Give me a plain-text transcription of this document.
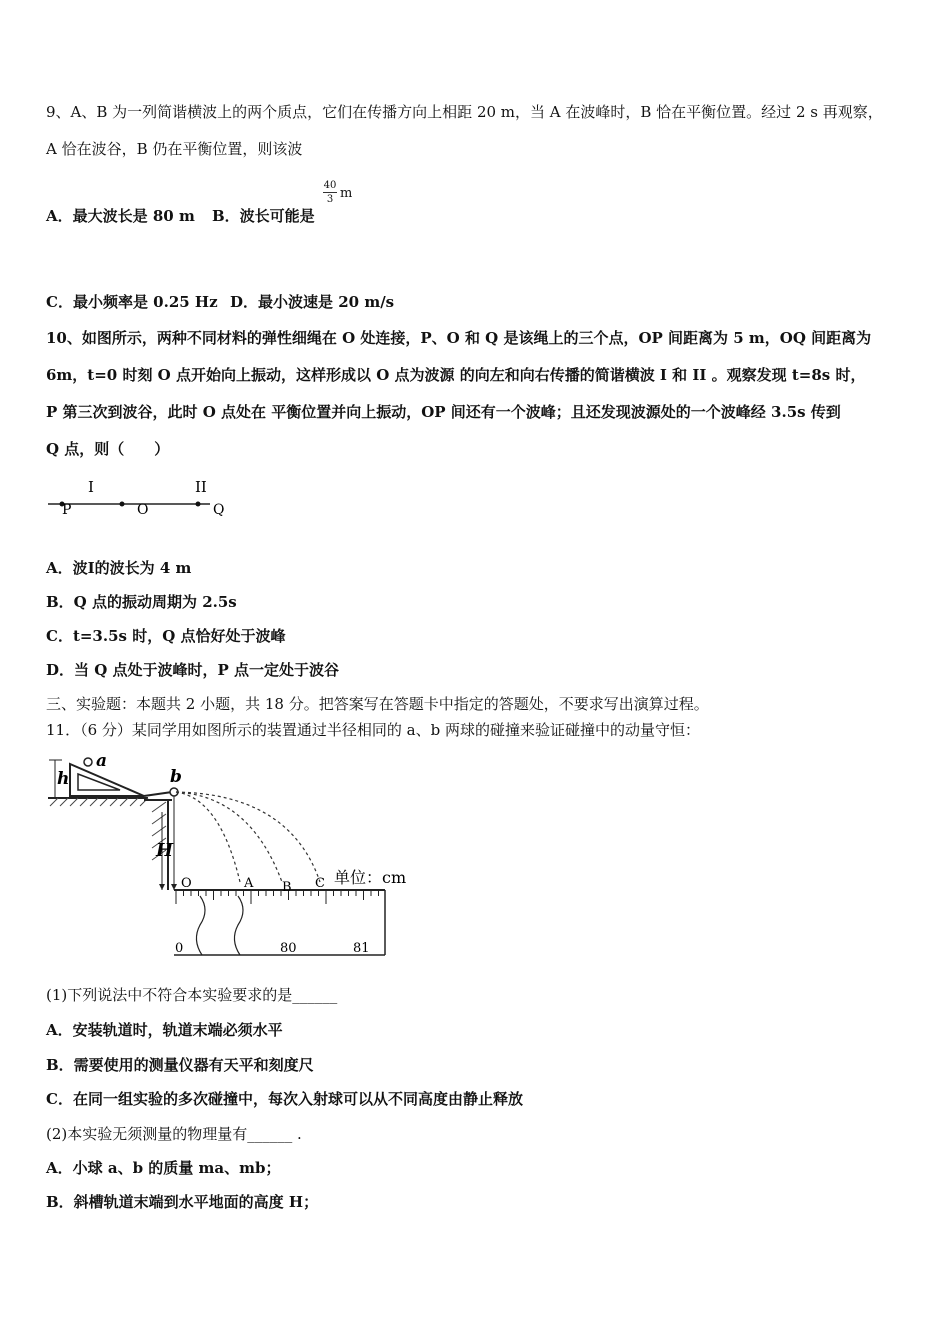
9、A、B 为一列简谐横波上的两个质点，它们在传播方向上相距 20 m，当 A 在波峰时，B 恰在平衡位置。经过 2 s 再观察，
A 恰在波谷，B 仍在平衡位置，则该波
A．最大波长是 80 m B．波长可能是
40
3 m
C．最小频率是 0.25 Hz D．最小波速是 20 m/s
10、如图所示，两种不同材料的弹性细绳在 O 处连接，P、O 和 Q 是该绳上的三个点，OP 间距离为 5 m，OQ 间距离为
6m，t=0 时刻 O 点开始向上振动，这样形成以 O 点为波源 的向左和向右传播的简谐横波 I 和 II 。观察发现 t=8s 时，
P 第三次到波谷，此时 O 点处在 平衡位置并向上振动，OP 间还有一个波峰；且还发现波源处的一个波峰经 3.5s 传到
Q 点，则（　　）
I	II
P	O	Q
A．波Ⅰ的波长为 4 m
B．Q 点的振动周期为 2.5s
C．t=3.5s 时，Q 点恰好处于波峰
D．当 Q 点处于波峰时，P 点一定处于波谷
三、实验题：本题共 2 小题，共 18 分。把答案写在答题卡中指定的答题处，不要求写出演算过程。
11．（6 分）某同学用如图所示的装置通过半径相同的 a、b 两球的碰撞来验证碰撞中的动量守恒：
h
a
b
H
O	A B C 单位：cm
0	80	81
(1)下列说法中不符合本实验要求的是______
A．安装轨道时，轨道末端必须水平
B．需要使用的测量仪器有天平和刻度尺
C．在同一组实验的多次碰撞中，每次入射球可以从不同高度由静止释放
(2)本实验无须测量的物理量有______ .
A．小球 a、b 的质量 ma、mb；
B．斜槽轨道末端到水平地面的高度 H；
